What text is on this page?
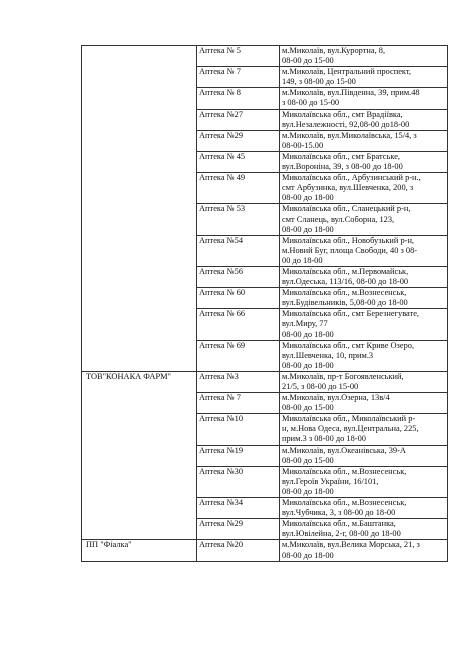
	Аптека № 5	м.Миколаїв, вул.Курортна, 8,
08-00 до 15-00

	Аптека № 7	м.Миколаїв, Центральний проспект,
149, з 08-00 до 15-00

	Аптека № 8	м.Миколаїв, вул.Південна, 39, прим.48
з 08-00 до 15-00

	Аптека №27	Миколаївська обл., смт Врадіївка,
вул.Незалежності, 92,08-00 до18-00

	Аптека №29	м.Миколаїв, вул.Миколаївська, 15/4, з
08-00-15.00

	Аптека № 45	Миколаївська обл., смт Братське,
вул.Вороніна, 39, з 08-00 до 18-00

	Аптека № 49	Миколаївська обл., Арбузинський р-н.,
смт Арбузинка, вул.Шевченка, 200, з
08-00 до 18-00

	Аптека № 53	Миколаївська обл., Сланецький р-н,
смт Сланець, вул.Соборна, 123,
08-00 до 18-00

	Аптека №54	Миколаївська обл., Новобузький р-н,
м.Новий Буг, площа Свободи, 40 з 08-
00 до 18-00

	Аптека №56	Миколаївська обл., м.Первомайськ,
вул.Одеська, 113/16, 08-00 до 18-00

	Аптека № 60	Миколаївська обл., м.Вознесенськ,
вул.Будівельників, 5,08-00 до 18-00

	Аптека № 66	Миколаївська обл., смт Березнегувате,
вул.Миру, 77
08-00 до 18-00

	Аптека № 69	Миколаївська обл., смт Криве Озеро,
вул.Шевченка, 10, прим.3
08-00 до 18-00

ТОВ"КОНАКА ФАРМ"	Аптека №3	м.Миколаїв, пр-т Богоявленський,
21/5, з 08-00 до 15-00

	Аптека № 7	м.Миколаїв, вул.Озерна, 13в/4
08-00 до 15-00

	Аптека №10	Миколаївська обл., Миколаївський р-
н, м.Нова Одеса, вул.Центральна, 225,
прим.3 з 08-00 до 18-00

	Аптека №19	м.Миколаїв, вул.Океанівська, 39-А
08-00 до 15-00

	Аптека №30	Миколаївська обл., м.Вознесенськ,
вул.Героїв України, 16/101,
08-00 до 18-00

	Аптека №34	Миколаївська обл., м.Вознесенськ,
вул.Чубчика, 3, з 08-00 до 18-00

	Аптека №29	Миколаївська обл., м.Баштанка,
вул.Ювілейна, 2-г, 08-00 до 18-00

ПП "Фіалка"	Аптека №20	м.Миколаїв, вул.Велика Морська, 21, з
08-00 до 18-00
